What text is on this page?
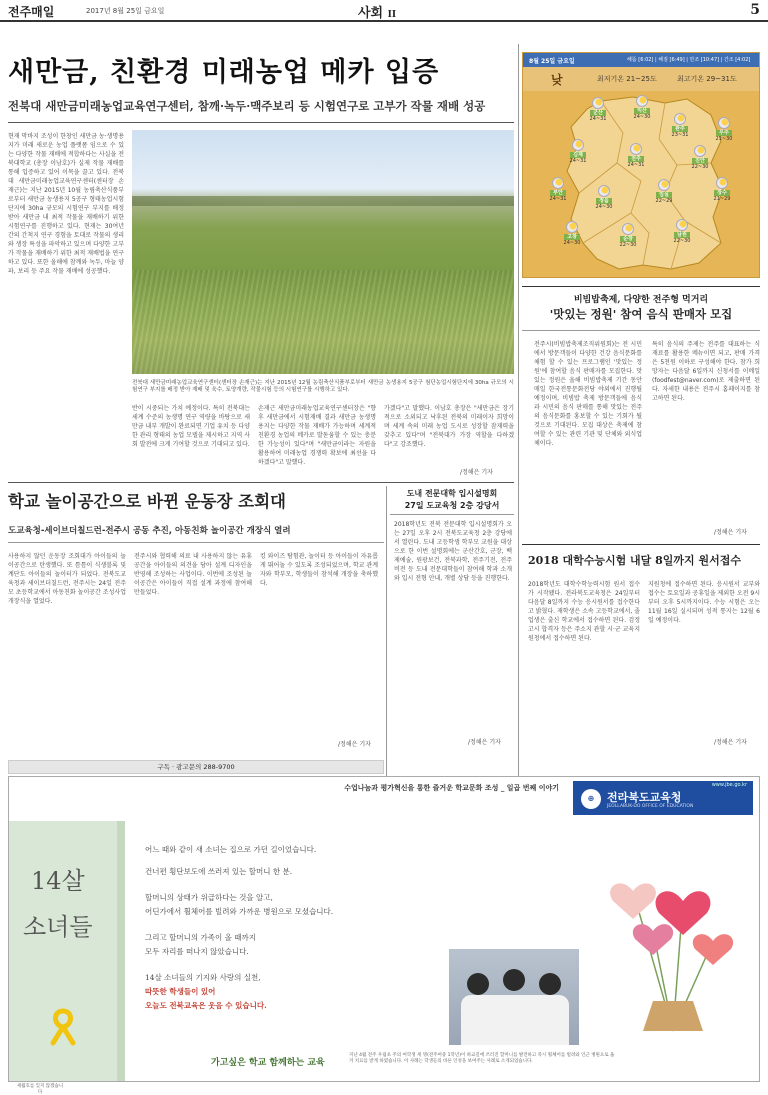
전주매일	2017년 8월 25일 금요일	사회 II	5
새만금, 친환경 미래농업 메카 입증
전북대 새만금미래농업교육연구센터, 참깨·녹두·맥주보리 등 시험연구로 고부가 작물 재배 성공
현재 막바지 조성이 한창인 새만금 농·생명용지가 미래 새로운 농업 플랫폼 임으로 수 있는 다양한 작물 재배에 적합하다는 사실을 전북대학교 (총장 이남호)가 실제 작물 재배를 통해 입증하고 있어 이목을 끌고 있다. 전북대 새만금미래농업교육연구센터(센터장 손재근)는 지난 2015년 10월 농림축산식품부로부터 새만금 농생용지 5공구 형태농업시험단지에 30ha 규모의 시험연구 부지를 배정 받아 새만금 내 최적 작물을 재배하기 위한 시험연구를 진행하고 있다. 현재는 30여년 간의 간척지 연구 경험을 토대로 작물의 생리와 생장 특성을 파악하고 있으며 다양한 고부가 작물을 재배하기 위한 최적 재배법을 연구하고 있다. 또한 올해에 참깨와 녹두, 마늘 양파, 보리 등 주요 작물 재배에 성공했다.
전북대 새만금미래농업교육연구센터(센터장 손재근)는 지난 2015년 12월 농림축산식품부로부터 새만금 농생용지 5공구 첨단농업시험단지에 30ha 규모의 시험연구 부지를 배정 받아 재배 및 육수, 토양개량, 작물시험 등의 시험연구를 시행하고 있다.
반이 시중되는 가치 예정이다. 특히 전북대는 세계 수준의 농생명 연구 역량을 바탕으로 새만금 내부 개발이 완료되면 기업 유치 등 다양한 관리 형태의 농업 모델을 제시하고 지역 사회 발전에 크게 기여할 것으로 기대되고 있다.
손재근 새만금미래농업교육연구센터장은 "향후 새만금에서 시험재배 결과 새만금 농생명 용지는 다양한 작물 재배가 가능하며 세계적 친환경 농업의 메카로 발돋움할 수 있는 충분한 가능성이 있다"며 "새만금이라는 자원을 활용하여 미래농업 경쟁력 확보에 최선을 다하겠다"고 말했다.
가겠다"고 말했다. 이남호 총장은 "새만금은 장기적으로 소외되고 낙후된 전북의 미래이자 희망이며 세계 속의 미래 농업 도시로 성장할 잠재력을 갖추고 있다"며 "전북대가 가장 역할을 다하겠다"고 강조했다.
/정해은 기자
8월 25일 금요일	해뜸 [6:02] | 해짐 [6:49] | 만조 [10:47] | 간조 [4:02]
낮	최저기온 21~25도	최고기온 29~31도
군산
24~31
익산
24~30
완주
23~31
진안
22~30
무주
21~30
김제
24~31	전주
24~31
장수
21~29
부안
24~31	정읍
24~30
임실
22~29
고창
24~30
순창
22~30
남원
22~30
비빔밥축제, 다양한 전주형 먹거리
'맛있는 정원' 참여 음식 판매자 모집
전주시(비빔밥축제조직위원회)는 전 시민에서 방문객들이 다양한 건강 음식문화를 체험 할 수 있는 프로그램인 '맛있는 정원'에 참여할 음식 판매자를 모집한다. 맛있는 정원은 올해 비빔밥축제 기간 동안 매일 한국전통문화전당 야외에서 진행될 예정이며, 비빔밥 축제 방문객들에 음식과 시민의 음식 판매를 통해 맛있는 전주의 음식문화를 홍보할 수 있는 기회가 될 것으로 기대된다. 모집 대상은 축제에 참여할 수 있는 관련 기관 및 단체와 외식업체이다.
특히 음식의 주제는 전주를 대표하는 식재료를 활용한 메뉴이면 되고, 판매 가격은 5천원 이하로 구성해야 한다. 참가 희망자는 다음달 6일까지 신청서를 이메일(foodfest@naver.com)로 제출하면 된다. 자세한 내용은 전주시 홈페이지를 참고하면 된다.
/정해은 기자
학교 놀이공간으로 바뀐 운동장 조회대
도교육청-세이브더칠드런-전주시 공동 추진, 아동친화 놀이공간 개장식 열려
사용하지 않던 운동장 조회대가 아이들의 놀이공간으로 탄생했다. 또 틈틈이 식생블록 및 계단도 아이들의 놀이터가 되었다. 전북도교육청과 세이브더칠드런, 전주시는 24일 전주 모 초등학교에서 아동친화 놀이공간 조성사업 개장식을 열었다.
전주시와 협력해 의료 내 사용하지 않는 유휴공간을 아이들의 의견을 담아 설계 디자인을 반영해 조성하는 사업이다. 이번에 조성된 놀이공간은 아이들이 직접 설계 과정에 참여해 만들었다.
킹 와이즈 탐험관, 놀이터 등 아이들이 자유롭게 뛰어놀 수 있도록 조성되었으며, 학교 관계자와 학부모, 학생들이 참석해 개장을 축하했다.
/정해은 기자
구독 · 광고문의 288-9700
도내 전문대학 입시설명회
27일 도교육청 2층 강당서
2018학년도 전북 전문대학 입시설명회가 오는 27일 오후 2시 전북도교육청 2층 강당에서 열린다. 도내 고등학생 학부모 교원을 대상으로 한 이번 설명회에는 군산간호, 군장, 백제예술, 원광보건, 전북과학, 전주기전, 전주비전 등 도내 전문대학들이 참여해 학과 소개와 입시 전형 안내, 개별 상담 등을 진행한다.
/정해은 기자
2018 대학수능시험 내달 8일까지 원서접수
2018학년도 대학수학능력시험 원서 접수가 시작됐다. 전라북도교육청은 24일부터 다음달 8일까지 수능 응시원서를 접수한다고 밝혔다. 재학생은 소속 고등학교에서, 졸업생은 출신 학교에서 접수하면 된다. 검정고시 합격자 등은 주소지 관할 시·군 교육지원청에서 접수하면 된다.
지원청에 접수하면 된다. 응시원서 교부와 접수는 토요일과 공휴일을 제외한 오전 9시부터 오후 5시까지이다. 수능 시험은 오는 11월 16일 실시되며 성적 통지는 12월 6일 예정이다.
/정해은 기자
수업나눔과 평가혁신을 통한 즐거운 학교문화 조성 _ 일곱 번째 이야기	www.jbe.go.kr
⊕	전라북도교육청
JEOLLABUK-DO OFFICE OF EDUCATION
14살
소녀들
세월호를 잊지 않겠습니다
어느 때와 같이 새 소녀는 집으로 가던 길이었습니다.
건너편 횡단보도에 쓰러져 있는 할머니 한 분.
할머니의 상태가 위급하다는 것을 알고,
어딘가에서 휠체어를 빌려와 가까운 병원으로 모셨습니다.
그리고 할머니의 가족이 올 때까지
모두 자리를 떠나지 않았습니다.
14살 소녀들의 기지와 사랑의 실천,
따뜻한 학생들이 있어
오늘도 전북교육은 웃음 수 있습니다.
가고싶은 학교 함께하는 교육
지난 4월 전주 우림초 주의 여학생 세 명(전주여중 1학년)이 하교길에 쓰러진 할머니를 발견하고 즉시 휠체어를 빌려와 인근 병원으로 옮겨 치료를 받게 하였습니다. 이 사례는 학생들의 바른 인성을 보여주는 사례로 소개되었습니다.
